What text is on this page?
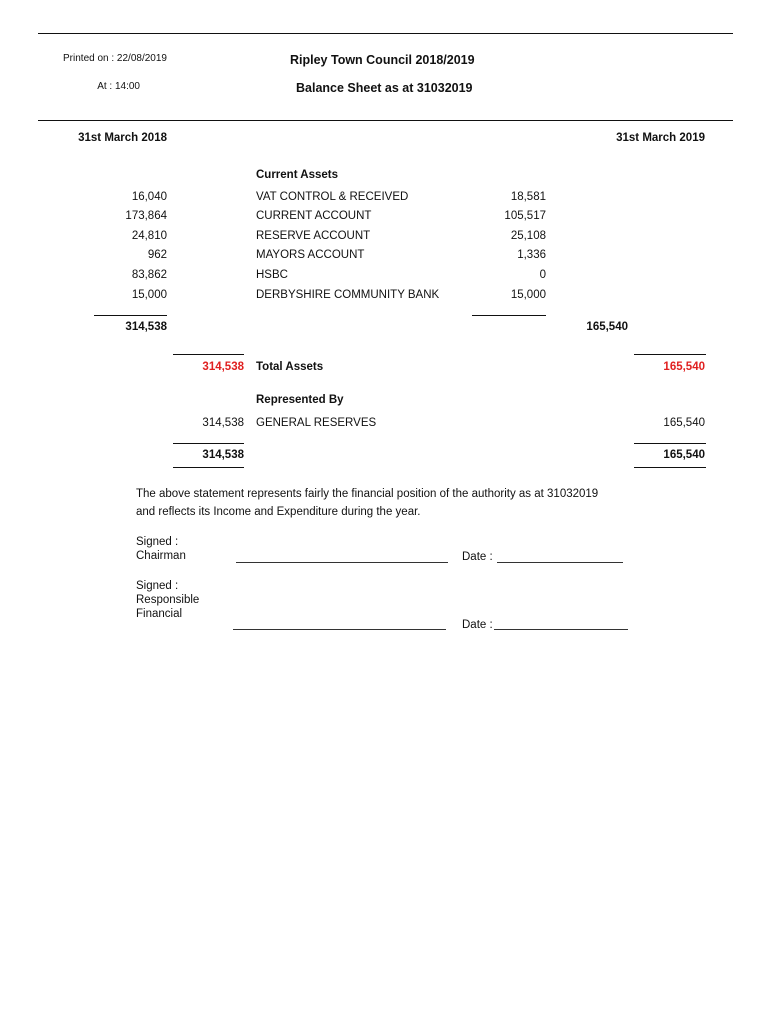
Printed on : 22/08/2019
At : 14:00
Ripley Town Council 2018/2019
Balance Sheet as at 31032019
31st March 2018	31st March 2019
Current Assets
16,040	VAT CONTROL & RECEIVED	18,581
173,864	CURRENT ACCOUNT	105,517
24,810	RESERVE ACCOUNT	25,108
962	MAYORS ACCOUNT	1,336
83,862	HSBC	0
15,000	DERBYSHIRE COMMUNITY BANK	15,000
314,538	165,540
314,538 Total Assets	165,540
Represented By
314,538 GENERAL RESERVES	165,540
314,538	165,540
The above statement represents fairly the financial position of the authority as at 31032019
and reflects its Income and Expenditure during the year.
Signed :
Chairman	Date :
Signed :
Responsible
Financial
Date :
